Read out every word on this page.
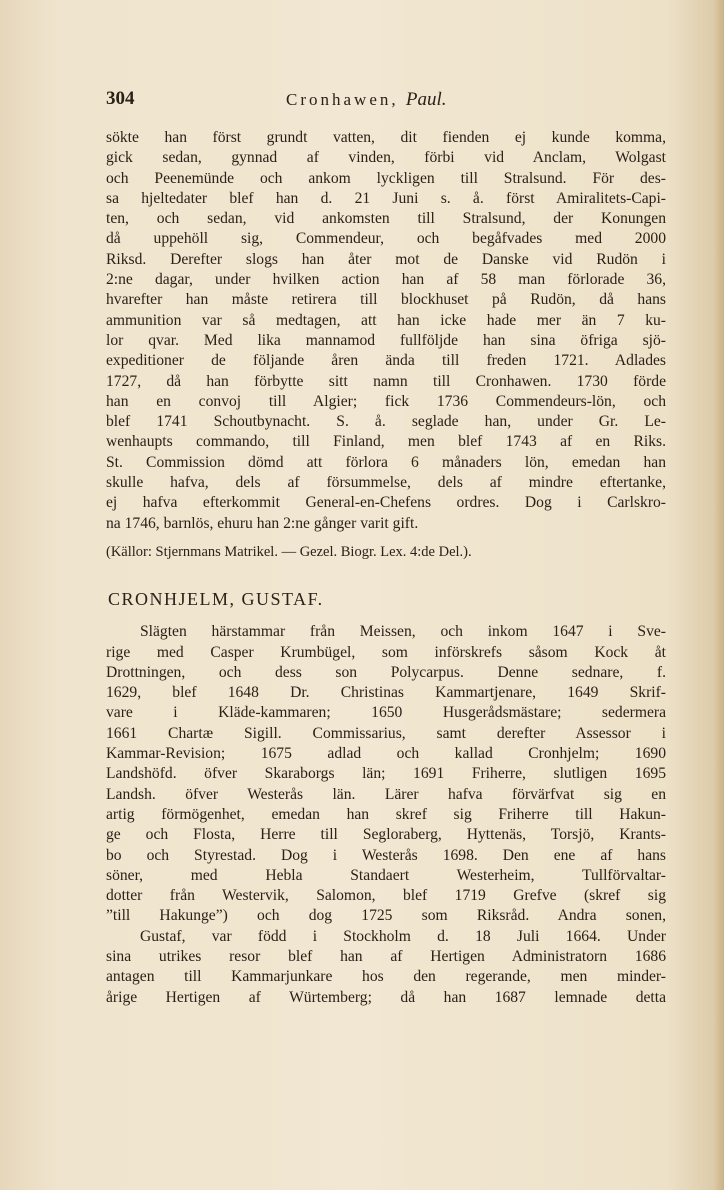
304	Cronhawen, Paul.
sökte han först grundt vatten, dit fienden ej kunde komma,
gick sedan, gynnad af vinden, förbi vid Anclam, Wolgast
och Peenemünde och ankom lyckligen till Stralsund. För des-
sa hjeltedater blef han d. 21 Juni s. å. först Amiralitets-Capi-
ten, och sedan, vid ankomsten till Stralsund, der Konungen
då uppehöll sig, Commendeur, och begåfvades med 2000
Riksd. Derefter slogs han åter mot de Danske vid Rudön i
2:ne dagar, under hvilken action han af 58 man förlorade 36,
hvarefter han måste retirera till blockhuset på Rudön, då hans
ammunition var så medtagen, att han icke hade mer än 7 ku-
lor qvar. Med lika mannamod fullföljde han sina öfriga sjö-
expeditioner de följande åren ända till freden 1721. Adlades
1727, då han förbytte sitt namn till Cronhawen. 1730 förde
han en convoj till Algier; fick 1736 Commendeurs-lön, och
blef 1741 Schoutbynacht. S. å. seglade han, under Gr. Le-
wenhaupts commando, till Finland, men blef 1743 af en Riks.
St. Commission dömd att förlora 6 månaders lön, emedan han
skulle hafva, dels af försummelse, dels af mindre eftertanke,
ej hafva efterkommit General-en-Chefens ordres. Dog i Carlskro-
na 1746, barnlös, ehuru han 2:ne gånger varit gift.
(Källor: Stjernmans Matrikel. — Gezel. Biogr. Lex. 4:de Del.).
CRONHJELM, GUSTAF.
Slägten härstammar från Meissen, och inkom 1647 i Sve-
rige med Casper Krumbügel, som införskrefs såsom Kock åt
Drottningen, och dess son Polycarpus. Denne sednare, f.
1629, blef 1648 Dr. Christinas Kammartjenare, 1649 Skrif-
vare i Kläde-kammaren; 1650 Husgerådsmästare; sedermera
1661 Chartæ Sigill. Commissarius, samt derefter Assessor i
Kammar-Revision; 1675 adlad och kallad Cronhjelm; 1690
Landshöfd. öfver Skaraborgs län; 1691 Friherre, slutligen 1695
Landsh. öfver Westerås län. Lärer hafva förvärfvat sig en
artig förmögenhet, emedan han skref sig Friherre till Hakun-
ge och Flosta, Herre till Segloraberg, Hyttenäs, Torsjö, Krants-
bo och Styrestad. Dog i Westerås 1698. Den ene af hans
söner, med Hebla Standaert Westerheim, Tullförvaltar-
dotter från Westervik, Salomon, blef 1719 Grefve (skref sig
”till Hakunge”) och dog 1725 som Riksråd. Andra sonen,
Gustaf, var född i Stockholm d. 18 Juli 1664. Under
sina utrikes resor blef han af Hertigen Administratorn 1686
antagen till Kammarjunkare hos den regerande, men minder-
årige Hertigen af Würtemberg; då han 1687 lemnade detta
